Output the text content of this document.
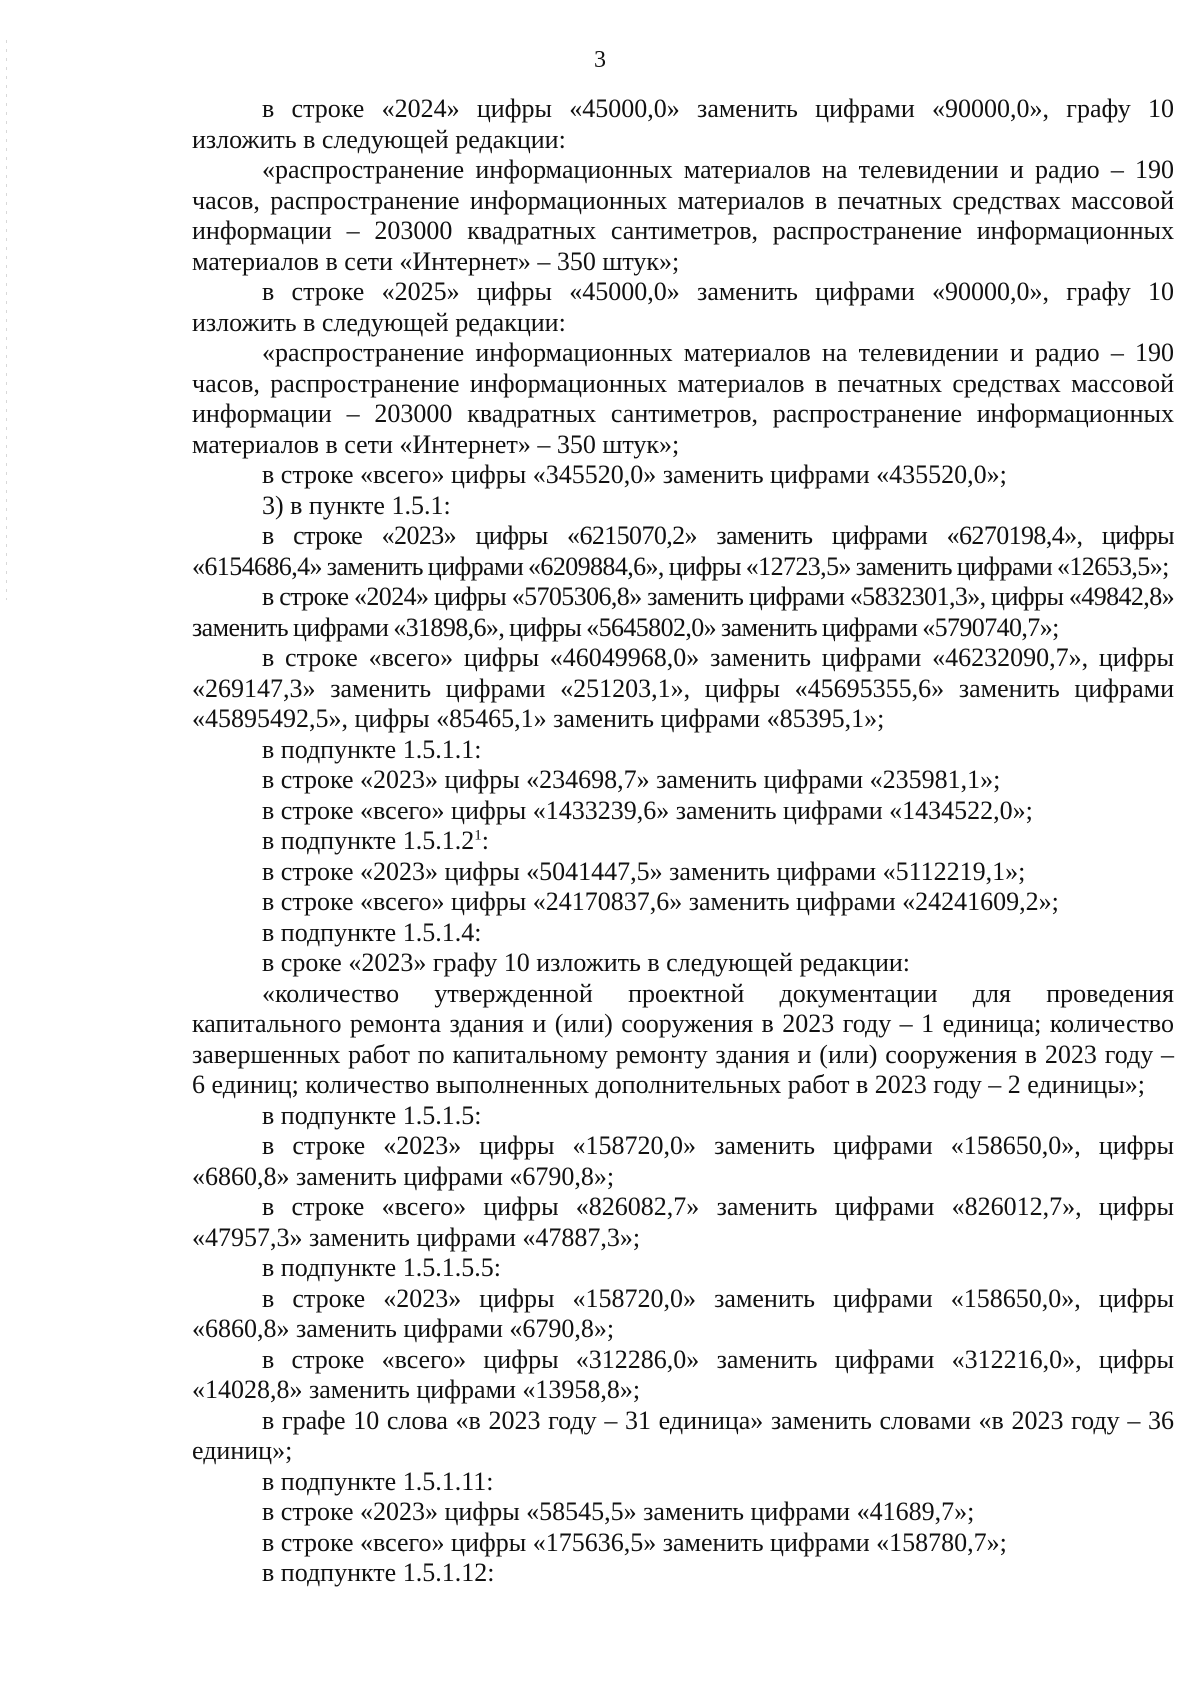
3

в строке «2024» цифры «45000,0» заменить цифрами «90000,0», графу 10 изложить в следующей редакции:

«распространение информационных материалов на телевидении и радио – 190 часов, распространение информационных материалов в печатных средствах массовой информации – 203000 квадратных сантиметров, распространение информационных материалов в сети «Интернет» – 350 штук»;

в строке «2025» цифры «45000,0» заменить цифрами «90000,0», графу 10 изложить в следующей редакции:

«распространение информационных материалов на телевидении и радио – 190 часов, распространение информационных материалов в печатных средствах массовой информации – 203000 квадратных сантиметров, распространение информационных материалов в сети «Интернет» – 350 штук»;

в строке «всего» цифры «345520,0» заменить цифрами «435520,0»;

3) в пункте 1.5.1:

в строке «2023» цифры «6215070,2» заменить цифрами «6270198,4», цифры «6154686,4» заменить цифрами «6209884,6», цифры «12723,5» заменить цифрами «12653,5»;

в строке «2024» цифры «5705306,8» заменить цифрами «5832301,3», цифры «49842,8» заменить цифрами «31898,6», цифры «5645802,0» заменить цифрами «5790740,7»;

в строке «всего» цифры «46049968,0» заменить цифрами «46232090,7», цифры «269147,3» заменить цифрами «251203,1», цифры «45695355,6» заменить цифрами «45895492,5», цифры «85465,1» заменить цифрами «85395,1»;

в подпункте 1.5.1.1:

в строке «2023» цифры «234698,7» заменить цифрами «235981,1»;

в строке «всего» цифры «1433239,6» заменить цифрами «1434522,0»;

в подпункте 1.5.1.2$^1$:

в строке «2023» цифры «5041447,5» заменить цифрами «5112219,1»;

в строке «всего» цифры «24170837,6» заменить цифрами «24241609,2»;

в подпункте 1.5.1.4:

в сроке «2023» графу 10 изложить в следующей редакции:

«количество утвержденной проектной документации для проведения капитального ремонта здания и (или) сооружения в 2023 году – 1 единица; количество завершенных работ по капитальному ремонту здания и (или) сооружения в 2023 году – 6 единиц; количество выполненных дополнительных работ в 2023 году – 2 единицы»;

в подпункте 1.5.1.5:

в строке «2023» цифры «158720,0» заменить цифрами «158650,0», цифры «6860,8» заменить цифрами «6790,8»;

в строке «всего» цифры «826082,7» заменить цифрами «826012,7», цифры «47957,3» заменить цифрами «47887,3»;

в подпункте 1.5.1.5.5:

в строке «2023» цифры «158720,0» заменить цифрами «158650,0», цифры «6860,8» заменить цифрами «6790,8»;

в строке «всего» цифры «312286,0» заменить цифрами «312216,0», цифры «14028,8» заменить цифрами «13958,8»;

в графе 10 слова «в 2023 году – 31 единица» заменить словами «в 2023 году – 36 единиц»;

в подпункте 1.5.1.11:

в строке «2023» цифры «58545,5» заменить цифрами «41689,7»;

в строке «всего» цифры «175636,5» заменить цифрами «158780,7»;

в подпункте 1.5.1.12:
